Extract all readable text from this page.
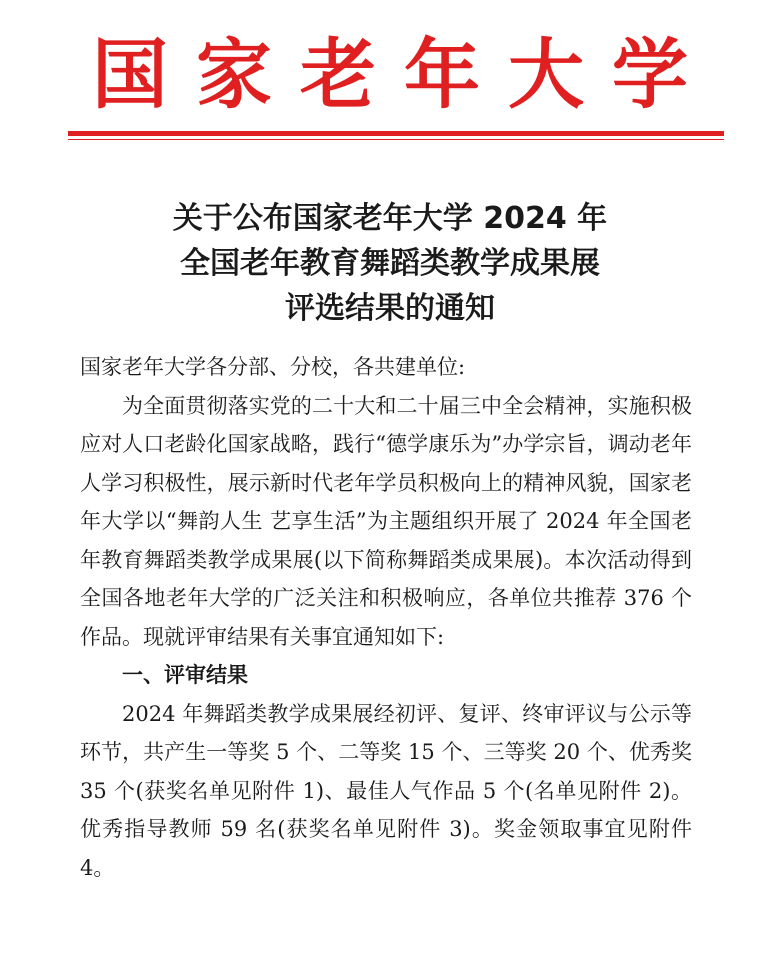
国家老年大学
关于公布国家老年大学 2024 年
全国老年教育舞蹈类教学成果展
评选结果的通知
国家老年大学各分部、分校，各共建单位:
为全面贯彻落实党的二十大和二十届三中全会精神，实施积极应对人口老龄化国家战略，践行“德学康乐为”办学宗旨，调动老年人学习积极性，展示新时代老年学员积极向上的精神风貌，国家老年大学以“舞韵人生 艺享生活”为主题组织开展了 2024 年全国老年教育舞蹈类教学成果展(以下简称舞蹈类成果展)。本次活动得到全国各地老年大学的广泛关注和积极响应，各单位共推荐 376 个作品。现就评审结果有关事宜通知如下:
一、评审结果
2024 年舞蹈类教学成果展经初评、复评、终审评议与公示等环节，共产生一等奖 5 个、二等奖 15 个、三等奖 20 个、优秀奖 35 个(获奖名单见附件 1)、最佳人气作品 5 个(名单见附件 2)。优秀指导教师 59 名(获奖名单见附件 3)。奖金领取事宜见附件 4。
